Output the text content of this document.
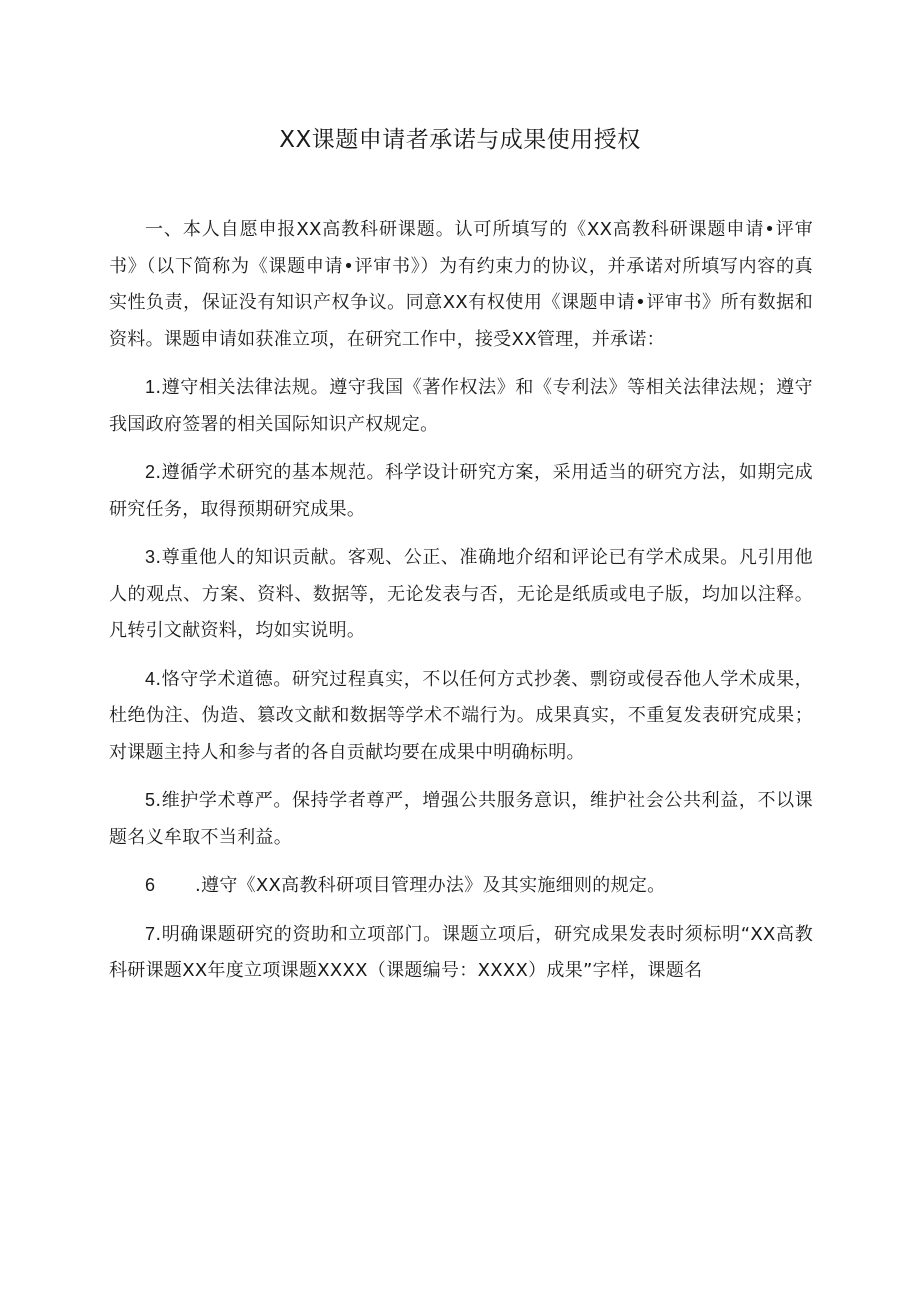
XX课题申请者承诺与成果使用授权

一、本人自愿申报XX高教科研课题。认可所填写的《XX高教科研课题申请•评审书》（以下简称为《课题申请•评审书》）为有约束力的协议，并承诺对所填写内容的真实性负责，保证没有知识产权争议。同意XX有权使用《课题申请•评审书》所有数据和资料。课题申请如获准立项，在研究工作中，接受XX管理，并承诺：

1.遵守相关法律法规。遵守我国《著作权法》和《专利法》等相关法律法规；遵守我国政府签署的相关国际知识产权规定。

2.遵循学术研究的基本规范。科学设计研究方案，采用适当的研究方法，如期完成研究任务，取得预期研究成果。

3.尊重他人的知识贡献。客观、公正、准确地介绍和评论已有学术成果。凡引用他人的观点、方案、资料、数据等，无论发表与否，无论是纸质或电子版，均加以注释。凡转引文献资料，均如实说明。

4.恪守学术道德。研究过程真实，不以任何方式抄袭、剽窃或侵吞他人学术成果，杜绝伪注、伪造、篡改文献和数据等学术不端行为。成果真实，不重复发表研究成果；对课题主持人和参与者的各自贡献均要在成果中明确标明。

5.维护学术尊严。保持学者尊严，增强公共服务意识，维护社会公共利益，不以课题名义牟取不当利益。

6 .遵守《XX高教科研项目管理办法》及其实施细则的规定。

7.明确课题研究的资助和立项部门。课题立项后，研究成果发表时须标明“XX高教科研课题XX年度立项课题XXXX（课题编号：XXXX）成果”字样，课题名
